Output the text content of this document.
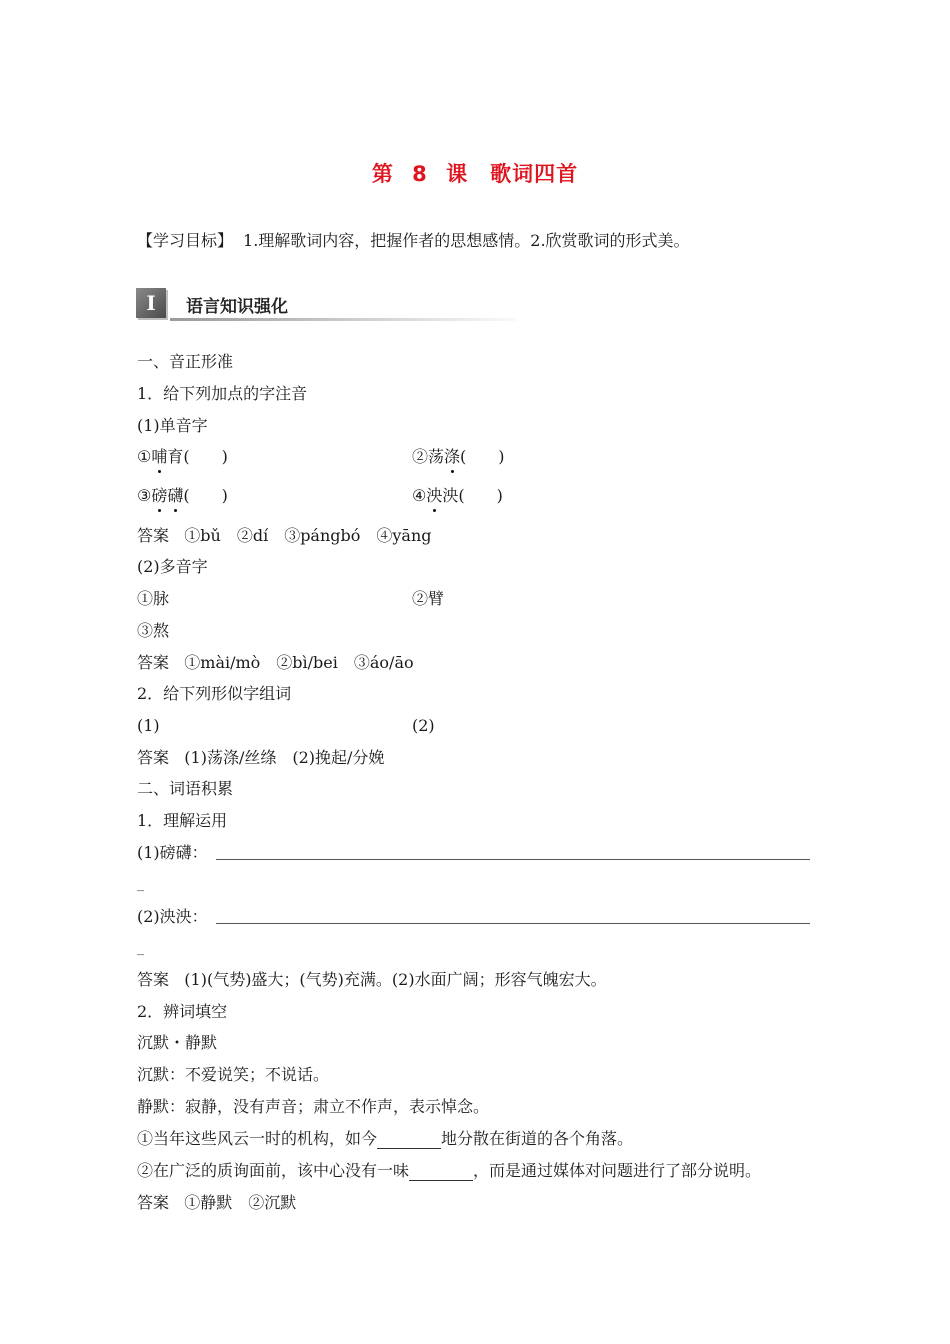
第 8 课　歌词四首
【学习目标】 1.理解歌词内容，把握作者的思想感情。2.欣赏歌词的形式美。
I	语言知识强化
一、音正形准
1．给下列加点的字注音
(1)单音字
①哺育(　　)	②荡涤(　　)
③磅礴(　　)	④泱泱(　　)
答案 ①bǔ　②dí　③pángbó　④yāng
(2)多音字
①脉	②臂
③熬
答案 ①mài/mò　②bì/bei　③áo/āo
2．给下列形似字组词
(1)	(2)
答案 (1)荡涤/丝绦　(2)挽起/分娩
二、词语积累
1．理解运用
(1)磅礴：
_
(2)泱泱：
_
答案 (1)(气势)盛大；(气势)充满。(2)水面广阔；形容气魄宏大。
2．辨词填空
沉默・静默
沉默：不爱说笑；不说话。
静默：寂静，没有声音；肃立不作声，表示悼念。
①当年这些风云一时的机构，如今	地分散在街道的各个角落。
②在广泛的质询面前，该中心没有一味	，而是通过媒体对问题进行了部分说明。
答案 ①静默　②沉默
